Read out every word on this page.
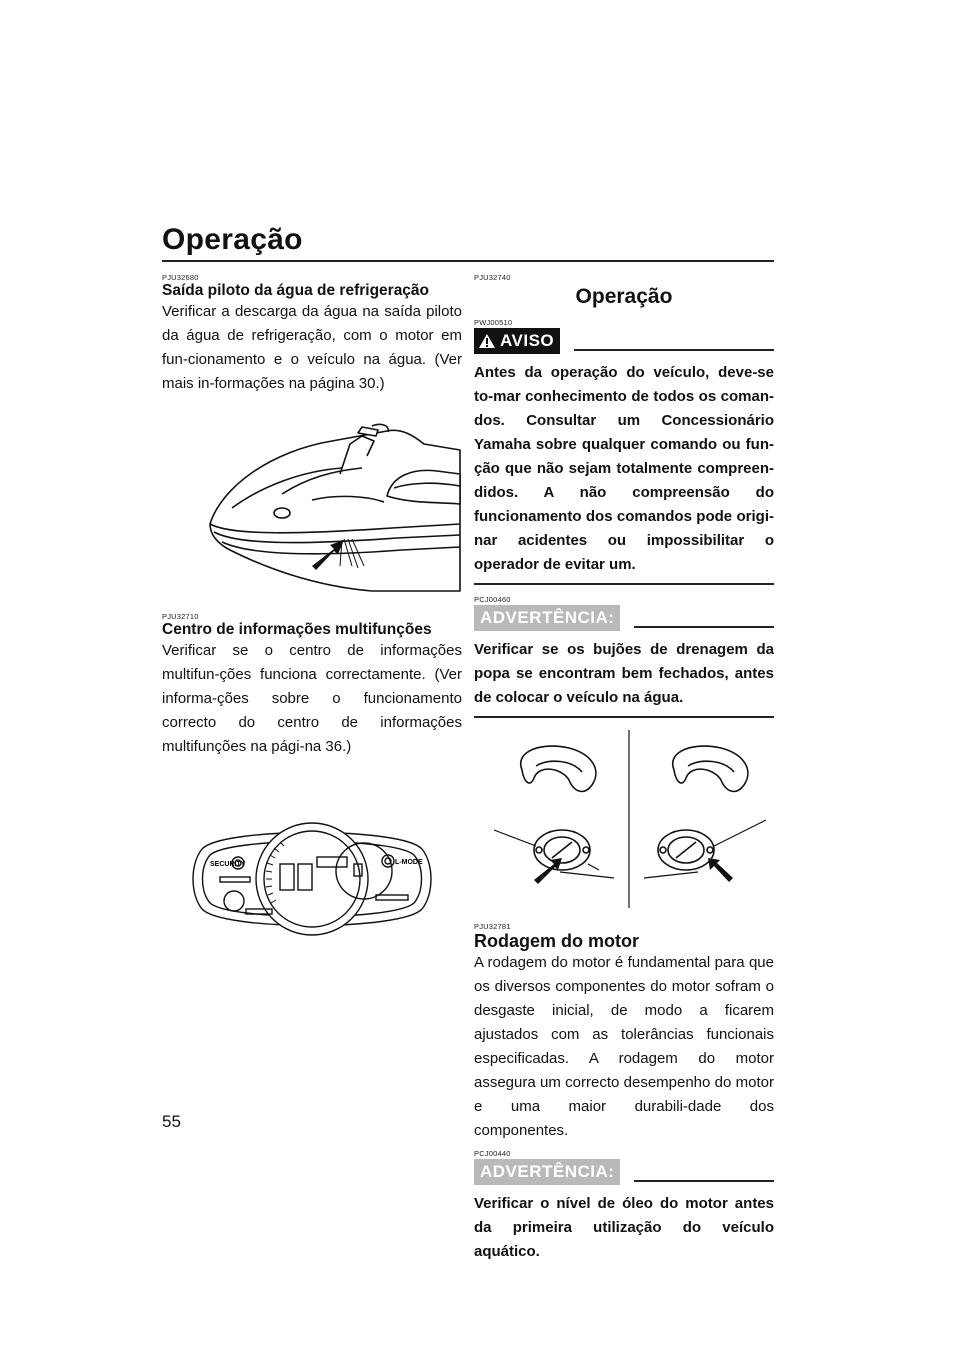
Operação
PJU32680
Saída piloto da água de refrigeração

Verificar a descarga da água na saída piloto da água de refrigeração, com o motor em fun-cionamento e o veículo na água. (Ver mais in-formações na página 30.)

PJU32710
Centro de informações multifunções

Verificar se o centro de informações multifun-ções funciona correctamente. (Ver informa-ções sobre o funcionamento correcto do centro de informações multifunções na pági-na 36.)

SECURITY	L-MODE
PJU32740
Operação
PWJ00510
AVISO

Antes da operação do veículo, deve-se to-mar conhecimento de todos os coman-dos. Consultar um Concessionário Yamaha sobre qualquer comando ou fun-ção que não sejam totalmente compreen-didos. A não compreensão do funcionamento dos comandos pode origi-nar acidentes ou impossibilitar o operador de evitar um.

PCJ00460
ADVERTÊNCIA:

Verificar se os bujões de drenagem da popa se encontram bem fechados, antes de colocar o veículo na água.

PJU32781
Rodagem do motor

A rodagem do motor é fundamental para que os diversos componentes do motor sofram o desgaste inicial, de modo a ficarem ajustados com as tolerâncias funcionais especificadas. A rodagem do motor assegura um correcto desempenho do motor e uma maior durabili-dade dos componentes.

PCJ00440
ADVERTÊNCIA:

Verificar o nível de óleo do motor antes da primeira utilização do veículo aquático.

55
